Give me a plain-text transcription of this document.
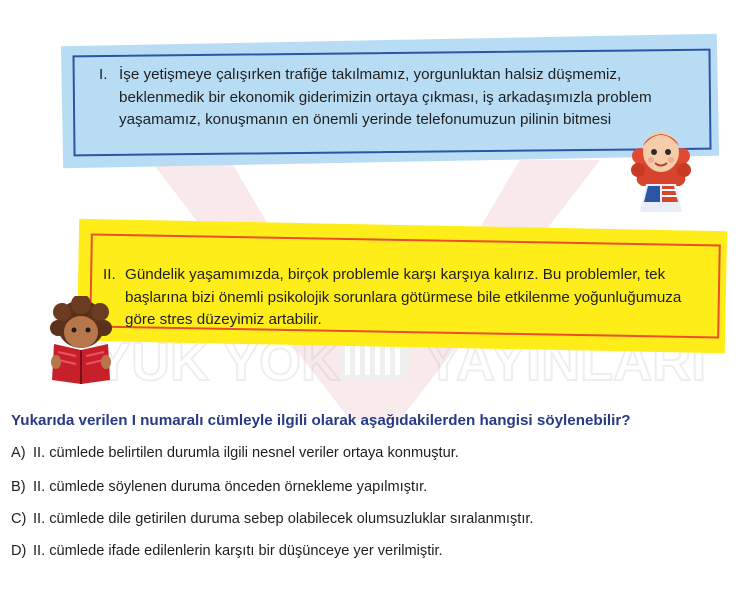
YUK YOK YAYINLARI
I. İşe yetişmeye çalışırken trafiğe takılmamız, yorgunluktan halsiz düşmemiz,
beklenmedik bir ekonomik giderimizin ortaya çıkması, iş arkadaşımızla problem
yaşamamız, konuşmanın en önemli yerinde telefonumuzun pilinin bitmesi
II. Gündelik yaşamımızda, birçok problemle karşı karşıya kalırız. Bu problemler, tek
başlarına bizi önemli psikolojik sorunlara götürmese bile etkilenme yoğunluğumuza
göre stres düzeyimiz artabilir.
Yukarıda verilen I numaralı cümleyle ilgili olarak aşağıdakilerden hangisi söylenebilir?
A) II. cümlede belirtilen durumla ilgili nesnel veriler ortaya konmuştur.
B) II. cümlede söylenen duruma önceden örnekleme yapılmıştır.
C) II. cümlede dile getirilen duruma sebep olabilecek olumsuzluklar sıralanmıştır.
D) II. cümlede ifade edilenlerin karşıtı bir düşünceye yer verilmiştir.
